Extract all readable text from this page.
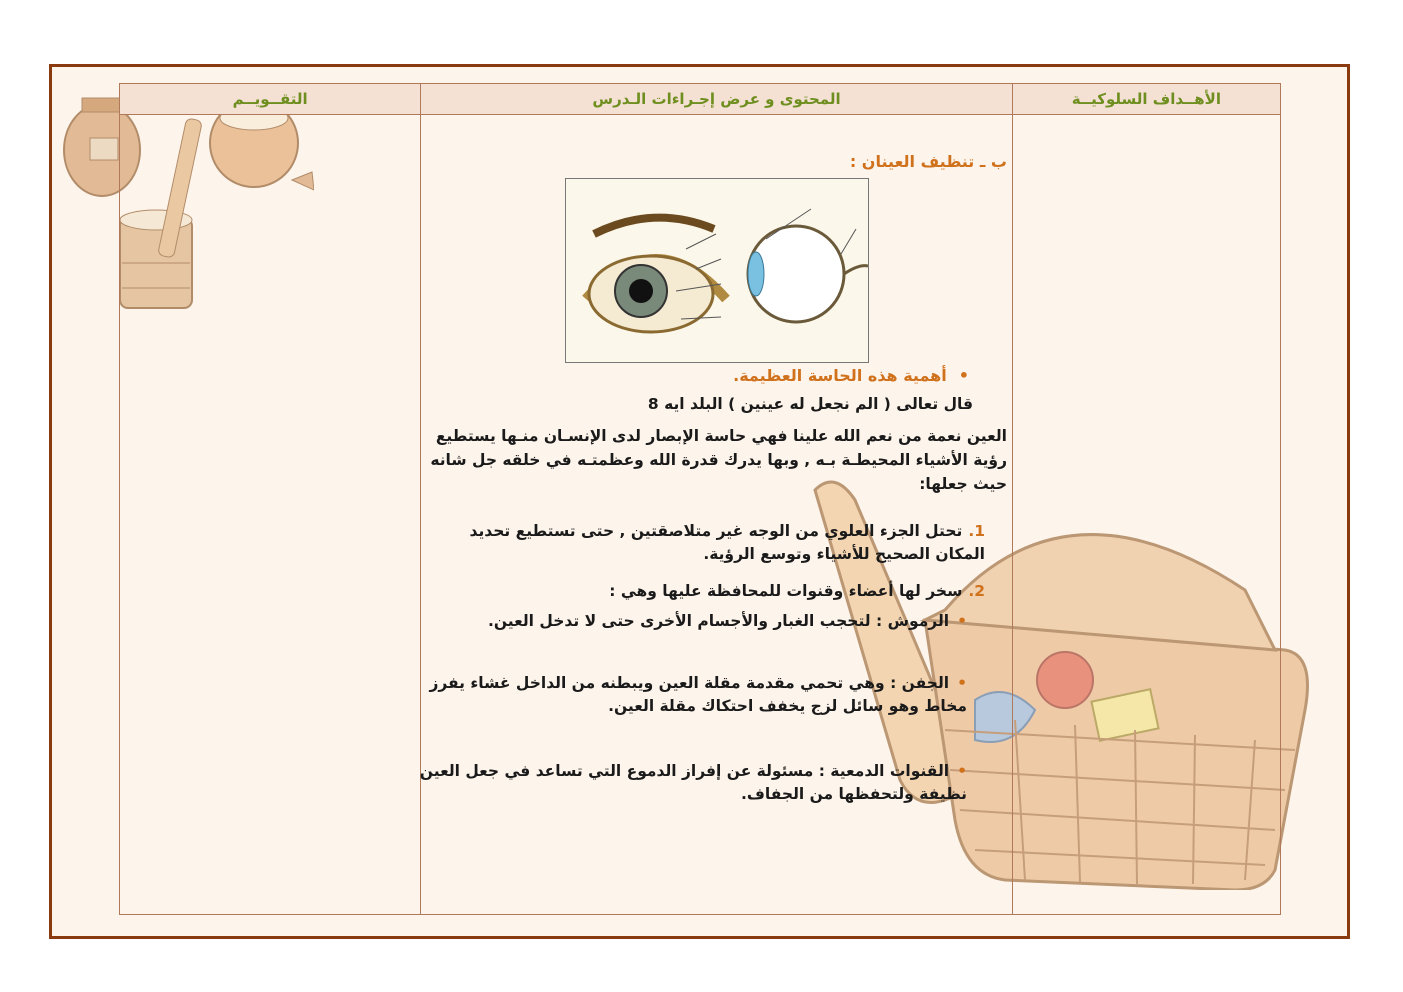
الأهــداف السلوكيــة	المحتوى و عرض إجـراءات الـدرس	التقــويــم

ب ـ تنظيف العينان :
• أهمية هذه الحاسة العظيمة.
قال تعالى ( الم نجعل له عينين ) البلد ايه 8
العين نعمة من نعم الله علينا فهي حاسة الإبصار لدى الإنسـان منـها يستطيع رؤية الأشياء المحيطـة بـه , وبها يدرك قدرة الله وعظمتـه في خلقه جل شانه حيث جعلها:
1.تحتل الجزء العلوي من الوجه غير متلاصقتين , حتى تستطيع تحديد المكان الصحيح للأشياء وتوسع الرؤية.
2.سخر لها أعضاء وقنوات للمحافظة عليها وهي :
• الرموش : لتحجب الغبار والأجسام الأخرى حتى لا تدخل العين.
• الجفن : وهي تحمي مقدمة مقلة العين ويبطنه من الداخل غشاء يفرز مخاط وهو سائل لزج يخفف احتكاك مقلة العين.
• القنوات الدمعية : مسئولة عن إفراز الدموع التي تساعد في جعل العين نظيفة ولتحفظها من الجفاف.
